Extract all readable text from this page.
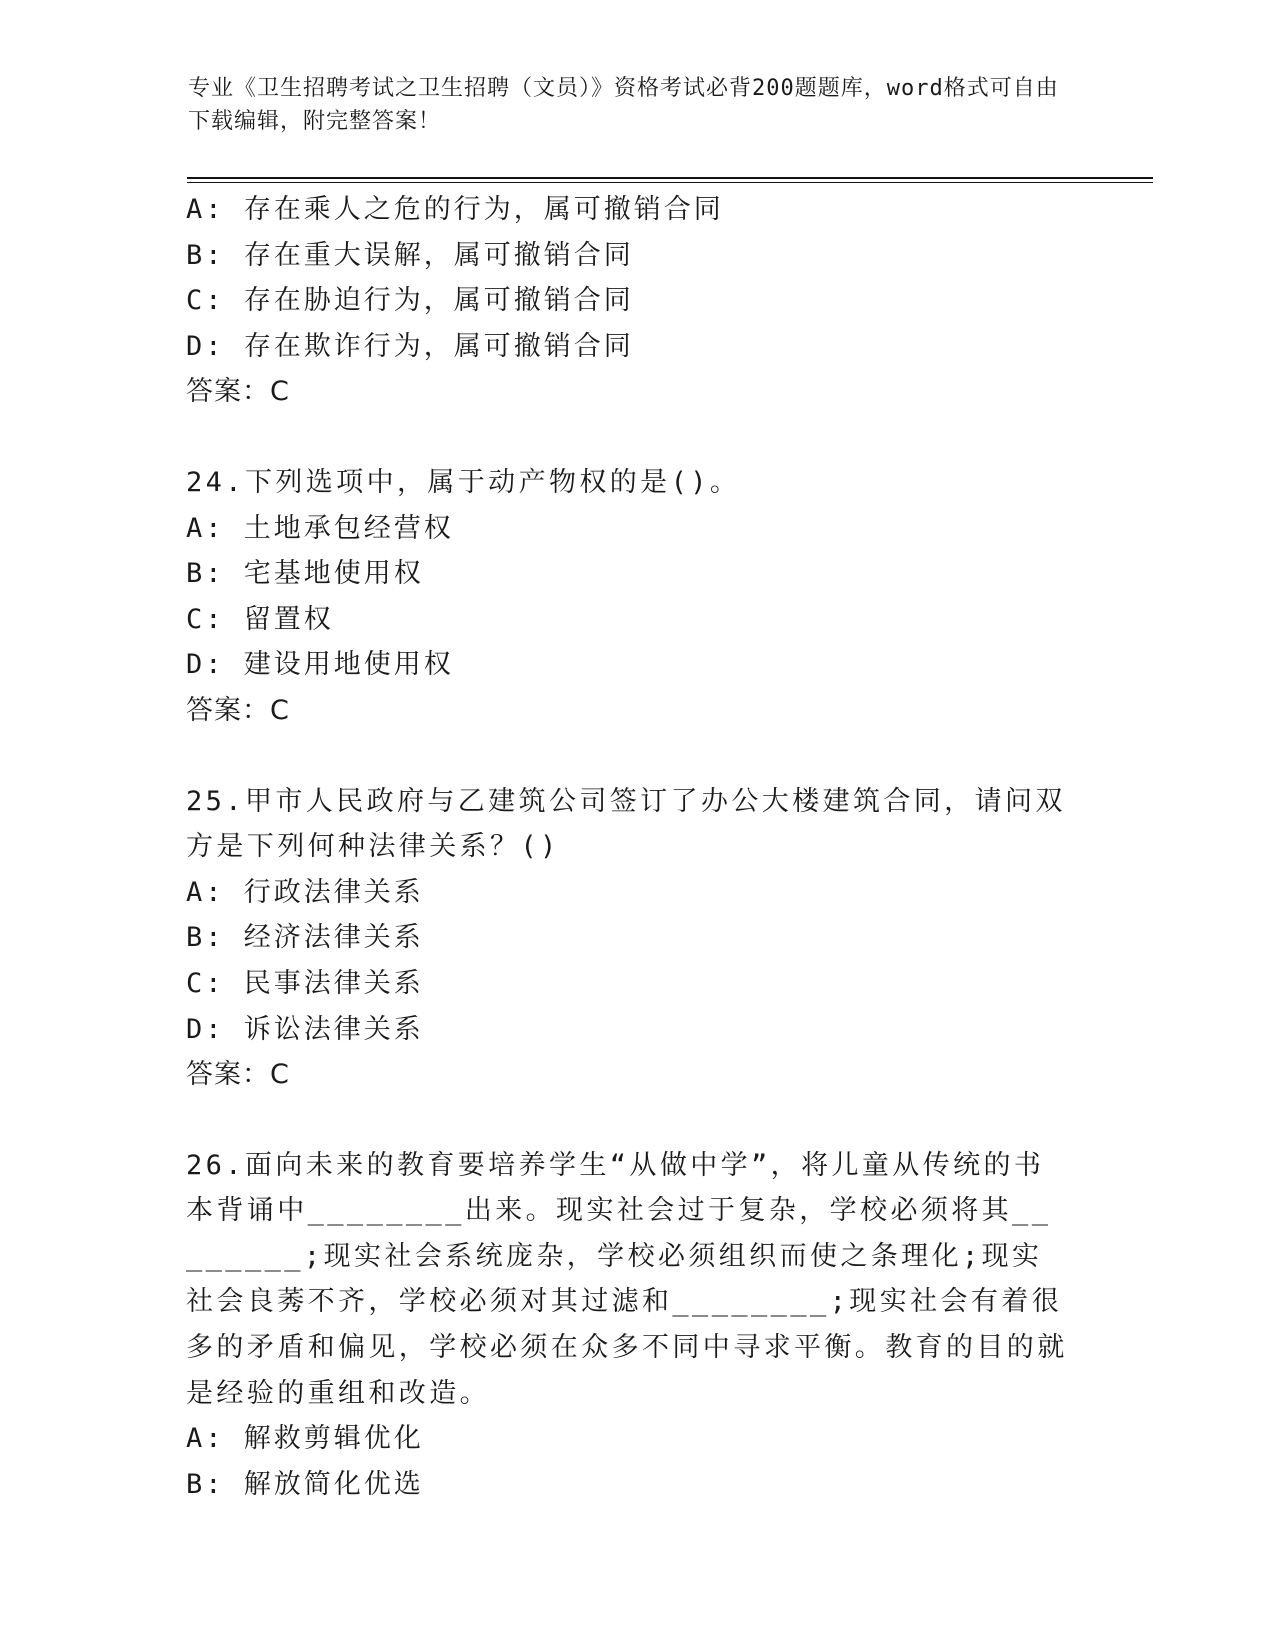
专业《卫生招聘考试之卫生招聘（文员）》资格考试必背200题题库，word格式可自由下载编辑，附完整答案！
A: 存在乘人之危的行为，属可撤销合同
B: 存在重大误解，属可撤销合同
C: 存在胁迫行为，属可撤销合同
D: 存在欺诈行为，属可撤销合同
答案：C
24.下列选项中，属于动产物权的是()。
A: 土地承包经营权
B: 宅基地使用权
C: 留置权
D: 建设用地使用权
答案：C
25.甲市人民政府与乙建筑公司签订了办公大楼建筑合同，请问双方是下列何种法律关系？()
A: 行政法律关系
B: 经济法律关系
C: 民事法律关系
D: 诉讼法律关系
答案：C
26.面向未来的教育要培养学生“从做中学”，将儿童从传统的书本背诵中________出来。现实社会过于复杂，学校必须将其________;现实社会系统庞杂，学校必须组织而使之条理化;现实社会良莠不齐，学校必须对其过滤和________;现实社会有着很多的矛盾和偏见，学校必须在众多不同中寻求平衡。教育的目的就是经验的重组和改造。
A: 解救剪辑优化
B: 解放简化优选
